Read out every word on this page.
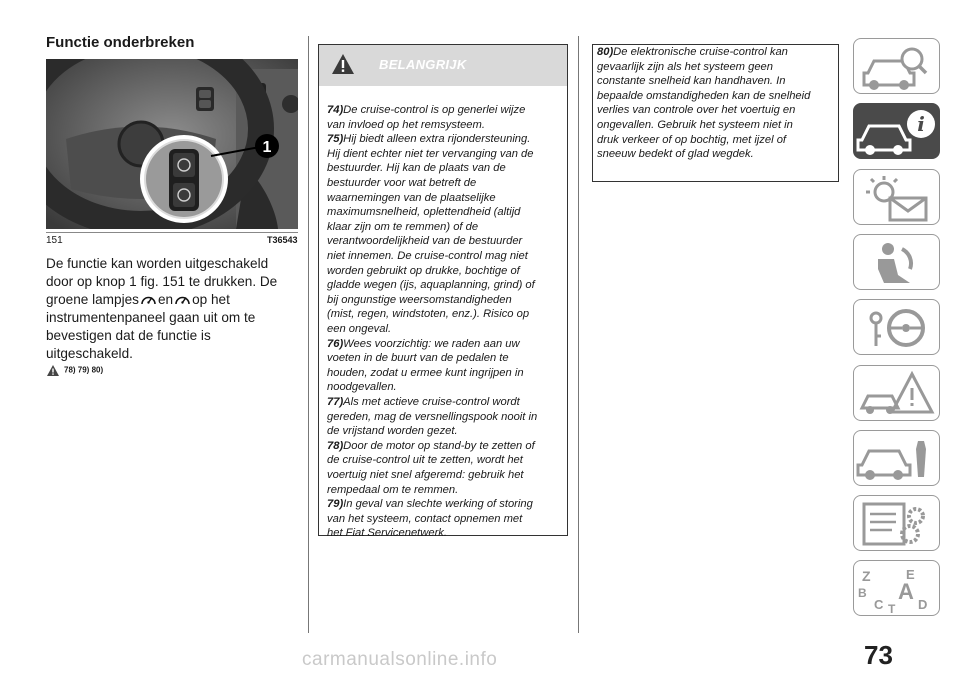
Functie onderbreken
1
151	T36543
De functie kan worden uitgeschakeld
door op knop 1 fig. 151 te drukken. De
groene lampjes en op het
instrumentenpaneel gaan uit om te
bevestigen dat de functie is
uitgeschakeld.
78) 79) 80)
BELANGRIJK
74)De cruise-control is op generlei wijze
van invloed op het remsysteem.
75)Hij biedt alleen extra rijondersteuning.
Hij dient echter niet ter vervanging van de
bestuurder. Hij kan de plaats van de
bestuurder voor wat betreft de
waarnemingen van de plaatselijke
maximumsnelheid, oplettendheid (altijd
klaar zijn om te remmen) of de
verantwoordelijkheid van de bestuurder
niet innemen. De cruise-control mag niet
worden gebruikt op drukke, bochtige of
gladde wegen (ijs, aquaplanning, grind) of
bij ongunstige weersomstandigheden
(mist, regen, windstoten, enz.). Risico op
een ongeval.
76)Wees voorzichtig: we raden aan uw
voeten in de buurt van de pedalen te
houden, zodat u ermee kunt ingrijpen in
noodgevallen.
77)Als met actieve cruise-control wordt
gereden, mag de versnellingspook nooit in
de vrijstand worden gezet.
78)Door de motor op stand-by te zetten of
de cruise-control uit te zetten, wordt het
voertuig niet snel afgeremd: gebruik het
rempedaal om te remmen.
79)In geval van slechte werking of storing
van het systeem, contact opnemen met
het Fiat Servicenetwerk.
80)De elektronische cruise-control kan
gevaarlijk zijn als het systeem geen
constante snelheid kan handhaven. In
bepaalde omstandigheden kan de snelheid
verlies van controle over het voertuig en
ongevallen. Gebruik het systeem niet in
druk verkeer of op bochtig, met ijzel of
sneeuw bedekt of glad wegdek.
i
Z	E
B
C T
A
D
73
carmanualsonline.info
